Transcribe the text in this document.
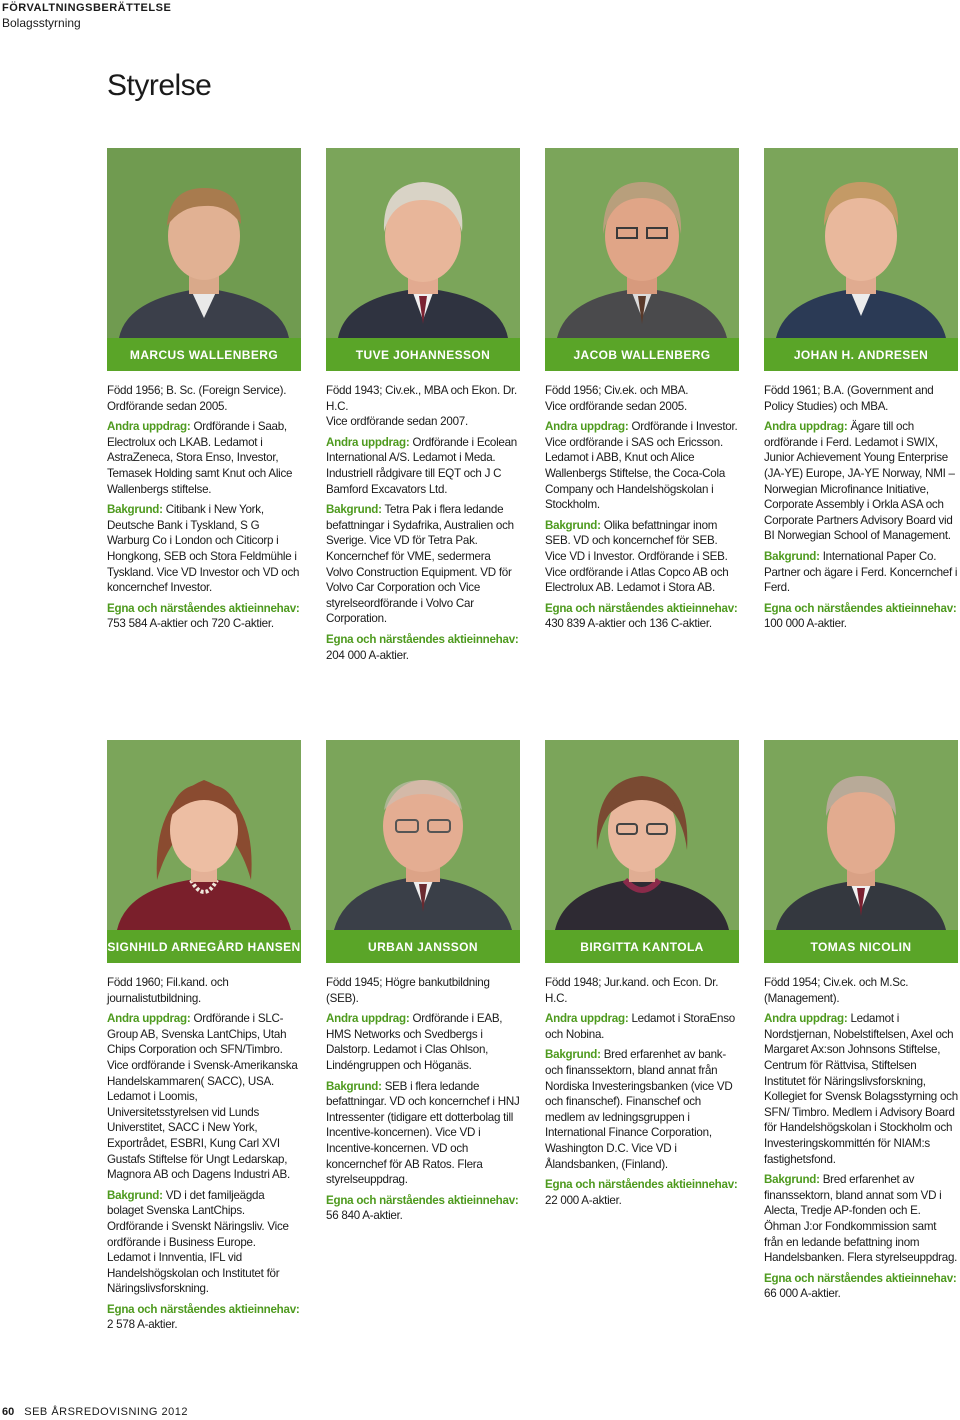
FÖRVALTNINGSBERÄTTELSE
Bolagsstyrning
Styrelse
MARCUS WALLENBERG

Född 1956; B. Sc. (Foreign Service).
Ordförande sedan 2005.

Andra uppdrag: Ordförande i Saab, Electrolux och LKAB. Ledamot i AstraZeneca, Stora Enso, Investor, Temasek Holding samt Knut och Alice Wallenbergs stiftelse.

Bakgrund: Citibank i New York, Deutsche Bank i Tyskland, S G Warburg Co i London och Citicorp i Hongkong, SEB och Stora Feldmühle i Tyskland. Vice VD Investor och VD och koncernchef Investor.

Egna och närståendes aktieinnehav: 753 584 A-aktier och 720 C-aktier.

TUVE JOHANNESSON

Född 1943; Civ.ek., MBA och Ekon. Dr. H.C.
Vice ordförande sedan 2007.

Andra uppdrag: Ordförande i Ecolean International A/S. Ledamot i Meda. Industriell rådgivare till EQT och J C Bamford Excavators Ltd.

Bakgrund: Tetra Pak i flera ledande befattningar i Sydafrika, Australien och Sverige. Vice VD för Tetra Pak. Koncernchef för VME, sedermera Volvo Construction Equipment. VD för Volvo Car Corporation och Vice styrelseordförande i Volvo Car Corporation.

Egna och närståendes aktieinnehav: 204 000 A-aktier.

JACOB WALLENBERG

Född 1956; Civ.ek. och MBA.
Vice ordförande sedan 2005.

Andra uppdrag: Ordförande i Investor. Vice ordförande i SAS och Ericsson. Ledamot i ABB, Knut och Alice Wallenbergs Stiftelse, the Coca-Cola Company och Handelshögskolan i Stockholm.

Bakgrund: Olika befattningar inom SEB. VD och koncernchef för SEB. Vice VD i Investor. Ordförande i SEB. Vice ordförande i Atlas Copco AB och Electrolux AB. Ledamot i Stora AB.

Egna och närståendes aktieinnehav: 430 839 A-aktier och 136 C-aktier.

JOHAN H. ANDRESEN

Född 1961; B.A. (Government and Policy Studies) och MBA.

Andra uppdrag: Ägare till och ordförande i Ferd. Ledamot i SWIX, Junior Achievement Young Enterprise (JA-YE) Europe, JA-YE Norway, NMI – Norwegian Microfinance Initiative, Corporate Assembly i Orkla ASA och Corporate Partners Advisory Board vid BI Norwegian School of Management.

Bakgrund: International Paper Co. Partner och ägare i Ferd. Koncernchef i Ferd.

Egna och närståendes aktieinnehav: 100 000 A-aktier.

SIGNHILD ARNEGÅRD HANSEN

Född 1960; Fil.kand. och journalistutbildning.

Andra uppdrag: Ordförande i SLC-Group AB, Svenska LantChips, Utah Chips Corporation och SFN/Timbro. Vice ordförande i Svensk-Amerikanska Handelskammaren( SACC), USA. Ledamot i Loomis, Universitetsstyrelsen vid Lunds Universtitet, SACC i New York, Exportrådet, ESBRI, Kung Carl XVI Gustafs Stiftelse för Ungt Ledarskap, Magnora AB och Dagens Industri AB.

Bakgrund: VD i det familjeägda bolaget Svenska LantChips. Ordförande i Svenskt Näringsliv. Vice ordförande i Business Europe. Ledamot i Innventia, IFL vid Handelshögskolan och Institutet för Näringslivsforskning.

Egna och närståendes aktieinnehav: 2 578 A-aktier.

URBAN JANSSON

Född 1945; Högre bankutbildning (SEB).

Andra uppdrag: Ordförande i EAB, HMS Networks och Svedbergs i Dalstorp. Ledamot i Clas Ohlson, Lindéngruppen och Höganäs.

Bakgrund: SEB i flera ledande befattningar. VD och koncernchef i HNJ Intressenter (tidigare ett dotterbolag till Incentive-koncernen). Vice VD i Incentive-koncernen. VD och koncernchef för AB Ratos. Flera styrelseuppdrag.

Egna och närståendes aktieinnehav: 56 840 A-aktier.

BIRGITTA KANTOLA

Född 1948; Jur.kand. och Econ. Dr. H.C.

Andra uppdrag: Ledamot i StoraEnso och Nobina.

Bakgrund: Bred erfarenhet av bank- och finanssektorn, bland annat från Nordiska Investeringsbanken (vice VD och finanschef). Finanschef och medlem av ledningsgruppen i International Finance Corporation, Washington D.C. Vice VD i Ålandsbanken, (Finland).

Egna och närståendes aktieinnehav: 22 000 A-aktier.

TOMAS NICOLIN

Född 1954; Civ.ek. och M.Sc. (Management).

Andra uppdrag: Ledamot i Nordstjernan, Nobelstiftelsen, Axel och Margaret Ax:son Johnsons Stiftelse, Centrum för Rättvisa, Stiftelsen Institutet för Näringslivsforskning, Kollegiet for Svensk Bolagsstyrning och SFN/ Timbro. Medlem i Advisory Board för Handelshögskolan i Stockholm och Investeringskommittén för NIAM:s fastighetsfond.

Bakgrund: Bred erfarenhet av finanssektorn, bland annat som VD i Alecta, Tredje AP-fonden och E. Öhman J:or Fondkommission samt från en ledande befattning inom Handelsbanken. Flera styrelseuppdrag.

Egna och närståendes aktieinnehav: 66 000 A-aktier.

60 SEB ÅRSREDOVISNING 2012
